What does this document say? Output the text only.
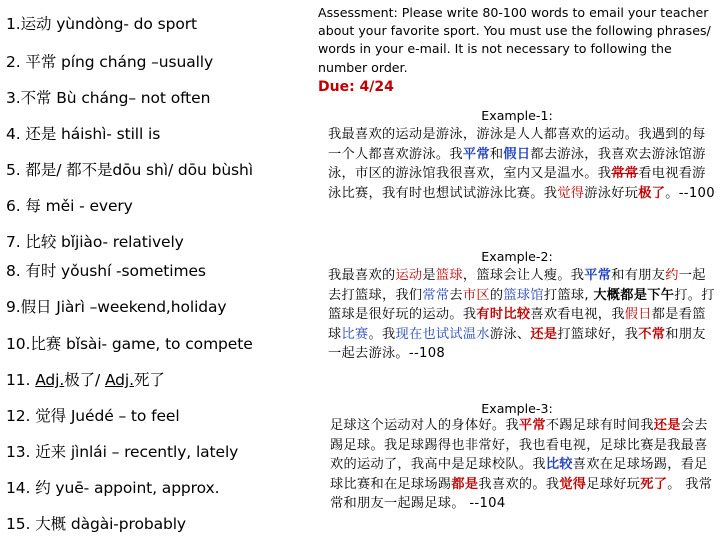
1.运动 yùndòng- do sport
2. 平常 píng cháng –usually
3.不常 Bù cháng– not often
4. 还是 háishì- still is
5. 都是/ 都不是dōu shì/ dōu bùshì
6. 每 měi - every
7. 比较 bǐjiào- relatively
8. 有时 yǒushí -sometimes
9.假日 Jiàrì –weekend,holiday
10.比赛 bǐsài- game, to compete
11. Adj.极了/ Adj.死了
12. 觉得 Juédé – to feel
13. 近来 jìnlái – recently, lately
14. 约 yuē- appoint, approx.
15. 大概 dàgài-probably

Assessment: Please write 80-100 words to email your teacher about your favorite sport. You must use the following phrases/ words in your e-mail. It is not necessary to following the number order.

Due: 4/24
Example-1:
我最喜欢的运动是游泳，游泳是人人都喜欢的运动。我遇到的每一个人都喜欢游泳。我平常和假日都去游泳，我喜欢去游泳馆游泳，市区的游泳馆我很喜欢，室内又是温水。我常常看电视看游泳比赛，我有时也想试试游泳比赛。我觉得游泳好玩极了。--100
Example-2:
我最喜欢的运动是篮球，篮球会让人瘦。我平常和有朋友约一起去打篮球，我们常常去市区的篮球馆打篮球, 大概都是下午打。打篮球是很好玩的运动。我有时比较喜欢看电视，我假日都是看篮球比赛。我现在也试试温水游泳、还是打篮球好，我不常和朋友一起去游泳。--108
Example-3:
足球这个运动对人的身体好。我平常不踢足球有时间我还是会去踢足球。我足球踢得也非常好，我也看电视，足球比赛是我最喜欢的运动了，我高中是足球校队。我比较喜欢在足球场踢，看足球比赛和在足球场踢都是我喜欢的。我觉得足球好玩死了。 我常常和朋友一起踢足球。 --104
